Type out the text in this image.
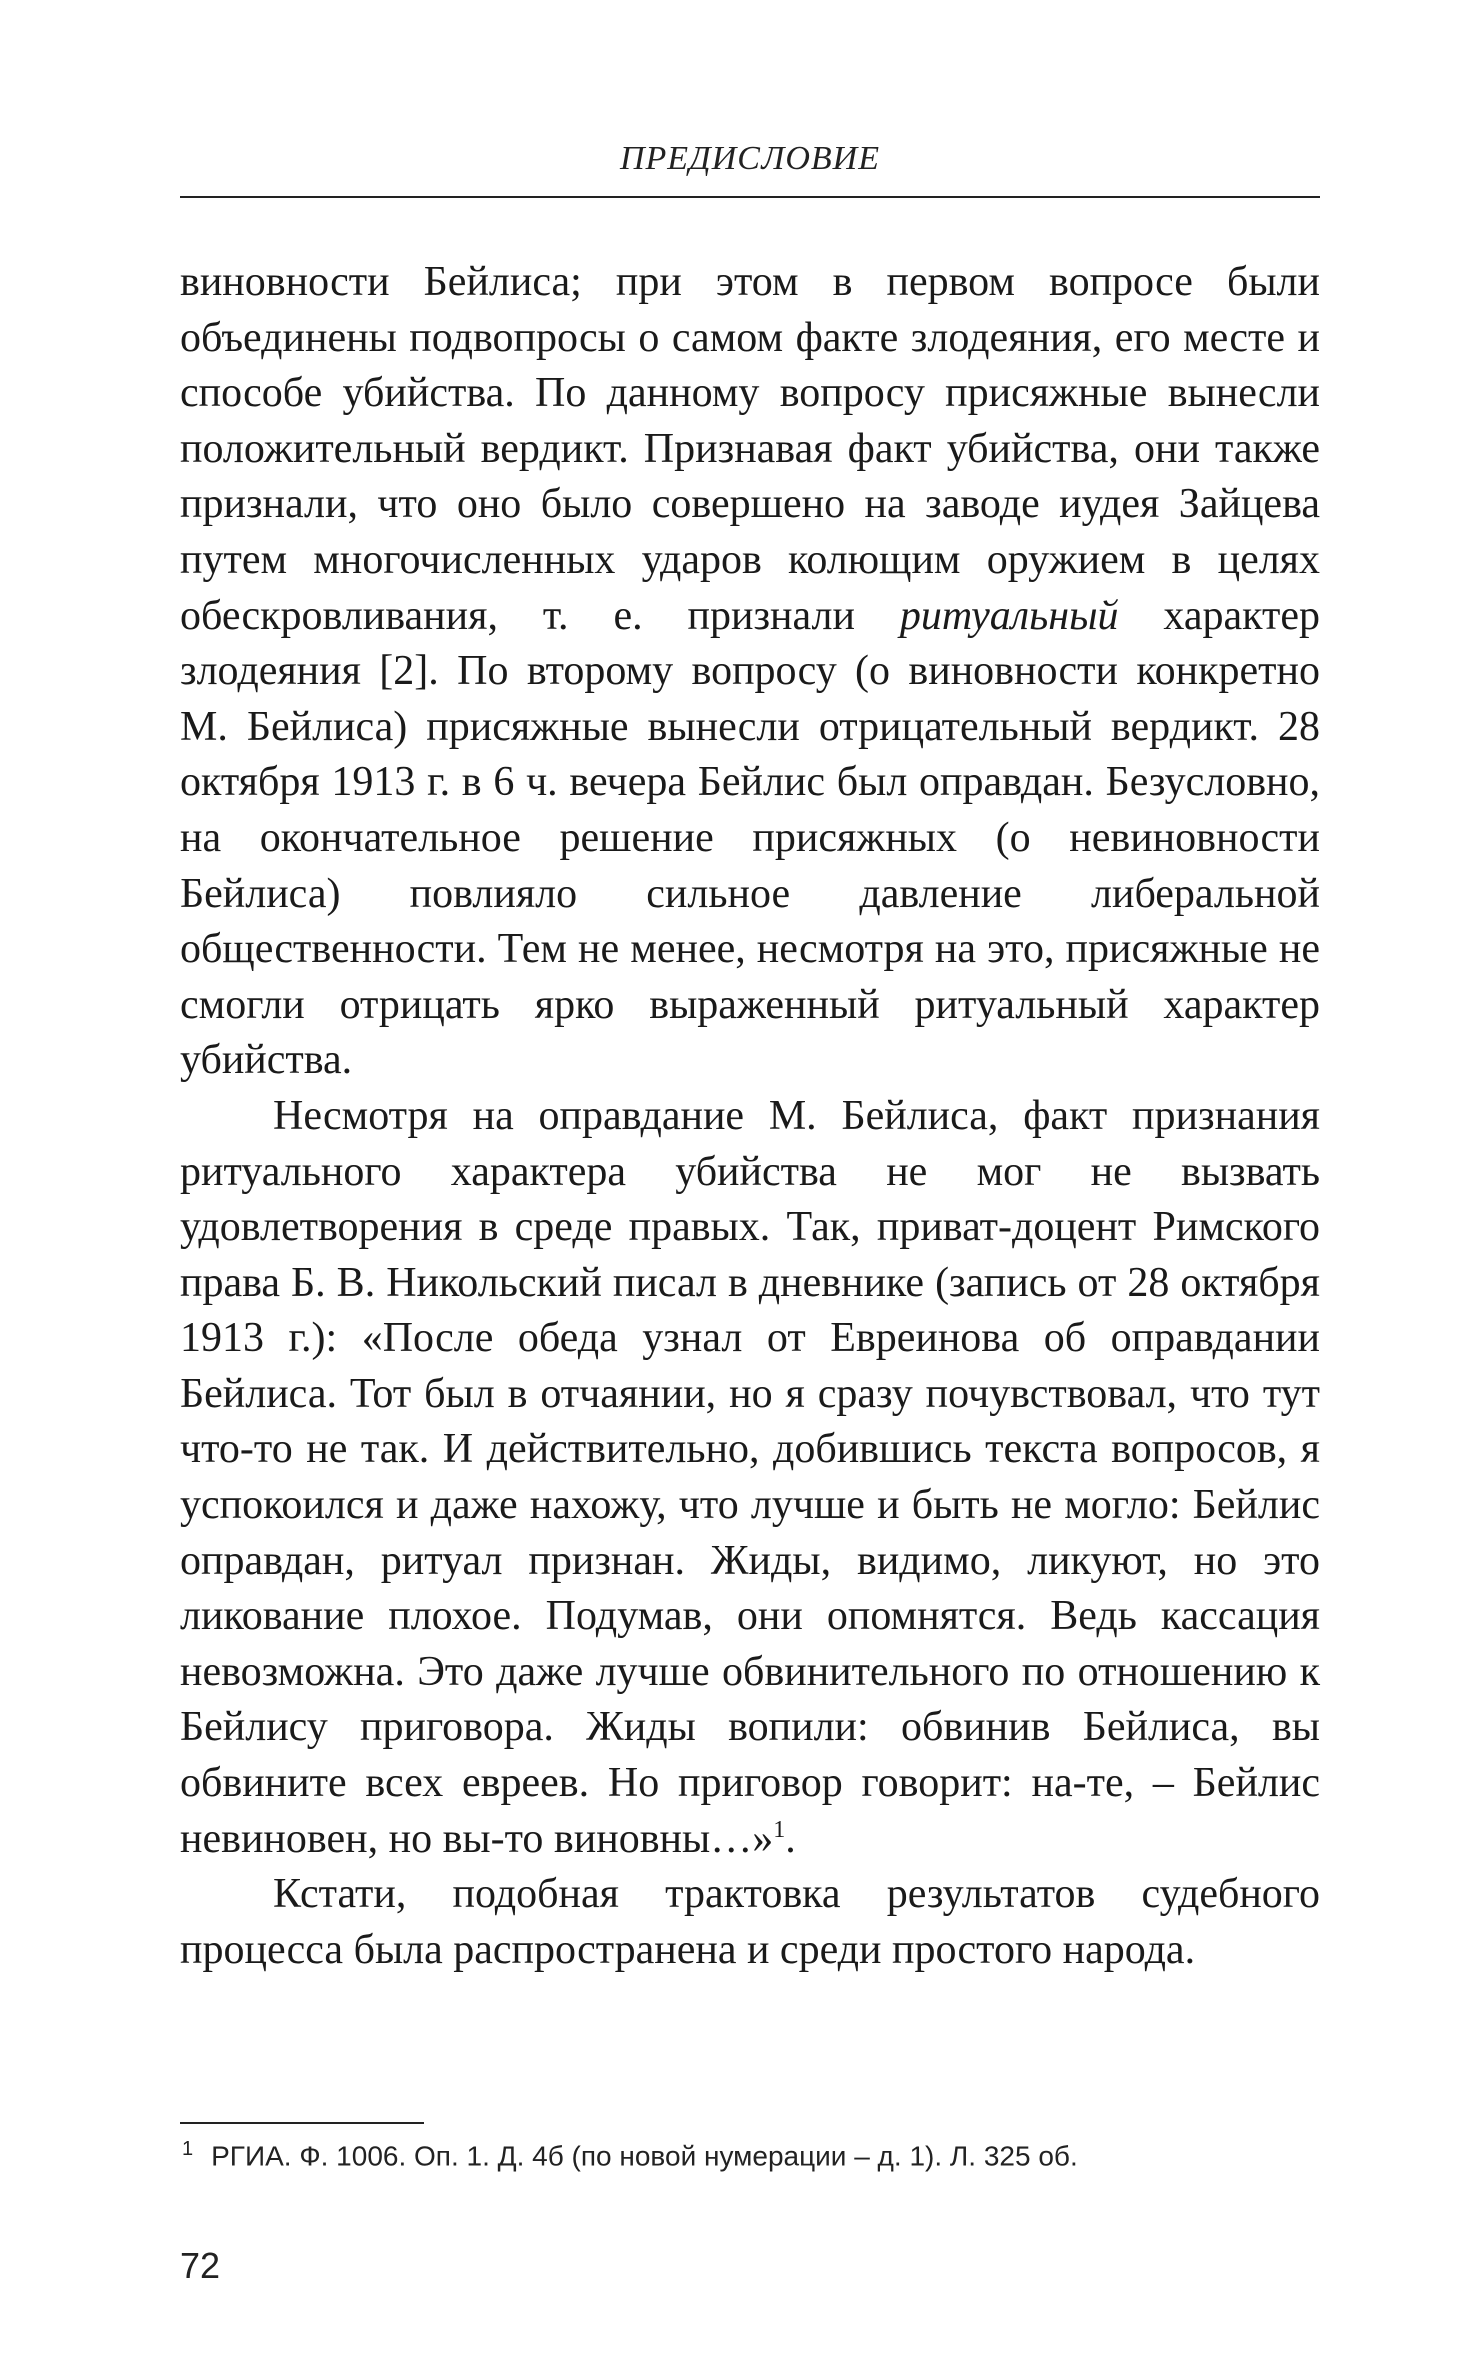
ПРЕДИСЛОВИЕ

виновности Бейлиса; при этом в первом вопросе были объединены подвопросы о самом факте злодеяния, его месте и способе убийства. По данному вопросу присяжные вынесли положительный вердикт. Признавая факт убийства, они также признали, что оно было совершено на заводе иудея Зайцева путем многочисленных ударов колющим оружием в целях обескровливания, т. е. признали ритуальный характер злодеяния [2]. По второму вопросу (о виновности конкретно М. Бейлиса) присяжные вынесли отрицательный вердикт. 28 октября 1913 г. в 6 ч. вечера Бейлис был оправдан. Безусловно, на окончательное решение присяжных (о невиновности Бейлиса) повлияло сильное давление либеральной общественности. Тем не менее, несмотря на это, присяжные не смогли отрицать ярко выраженный ритуальный характер убийства.

Несмотря на оправдание М. Бейлиса, факт признания ритуального характера убийства не мог не вызвать удовлетворения в среде правых. Так, приват-доцент Римского права Б. В. Никольский писал в дневнике (запись от 28 октября 1913 г.): «После обеда узнал от Евреинова об оправдании Бейлиса. Тот был в отчаянии, но я сразу почувствовал, что тут что-то не так. И действительно, добившись текста вопросов, я успокоился и даже нахожу, что лучше и быть не могло: Бейлис оправдан, ритуал признан. Жиды, видимо, ликуют, но это ликование плохое. Подумав, они опомнятся. Ведь кассация невозможна. Это даже лучше обвинительного по отношению к Бейлису приговора. Жиды вопили: обвинив Бейлиса, вы обвините всех евреев. Но приговор говорит: на-те, – Бейлис невиновен, но вы-то виновны…»$^1$.

Кстати, подобная трактовка результатов судебного процесса была распространена и среди простого народа.

$^1$ РГИА. Ф. 1006. Оп. 1. Д. 4б (по новой нумерации – д. 1). Л. 325 об.
72
